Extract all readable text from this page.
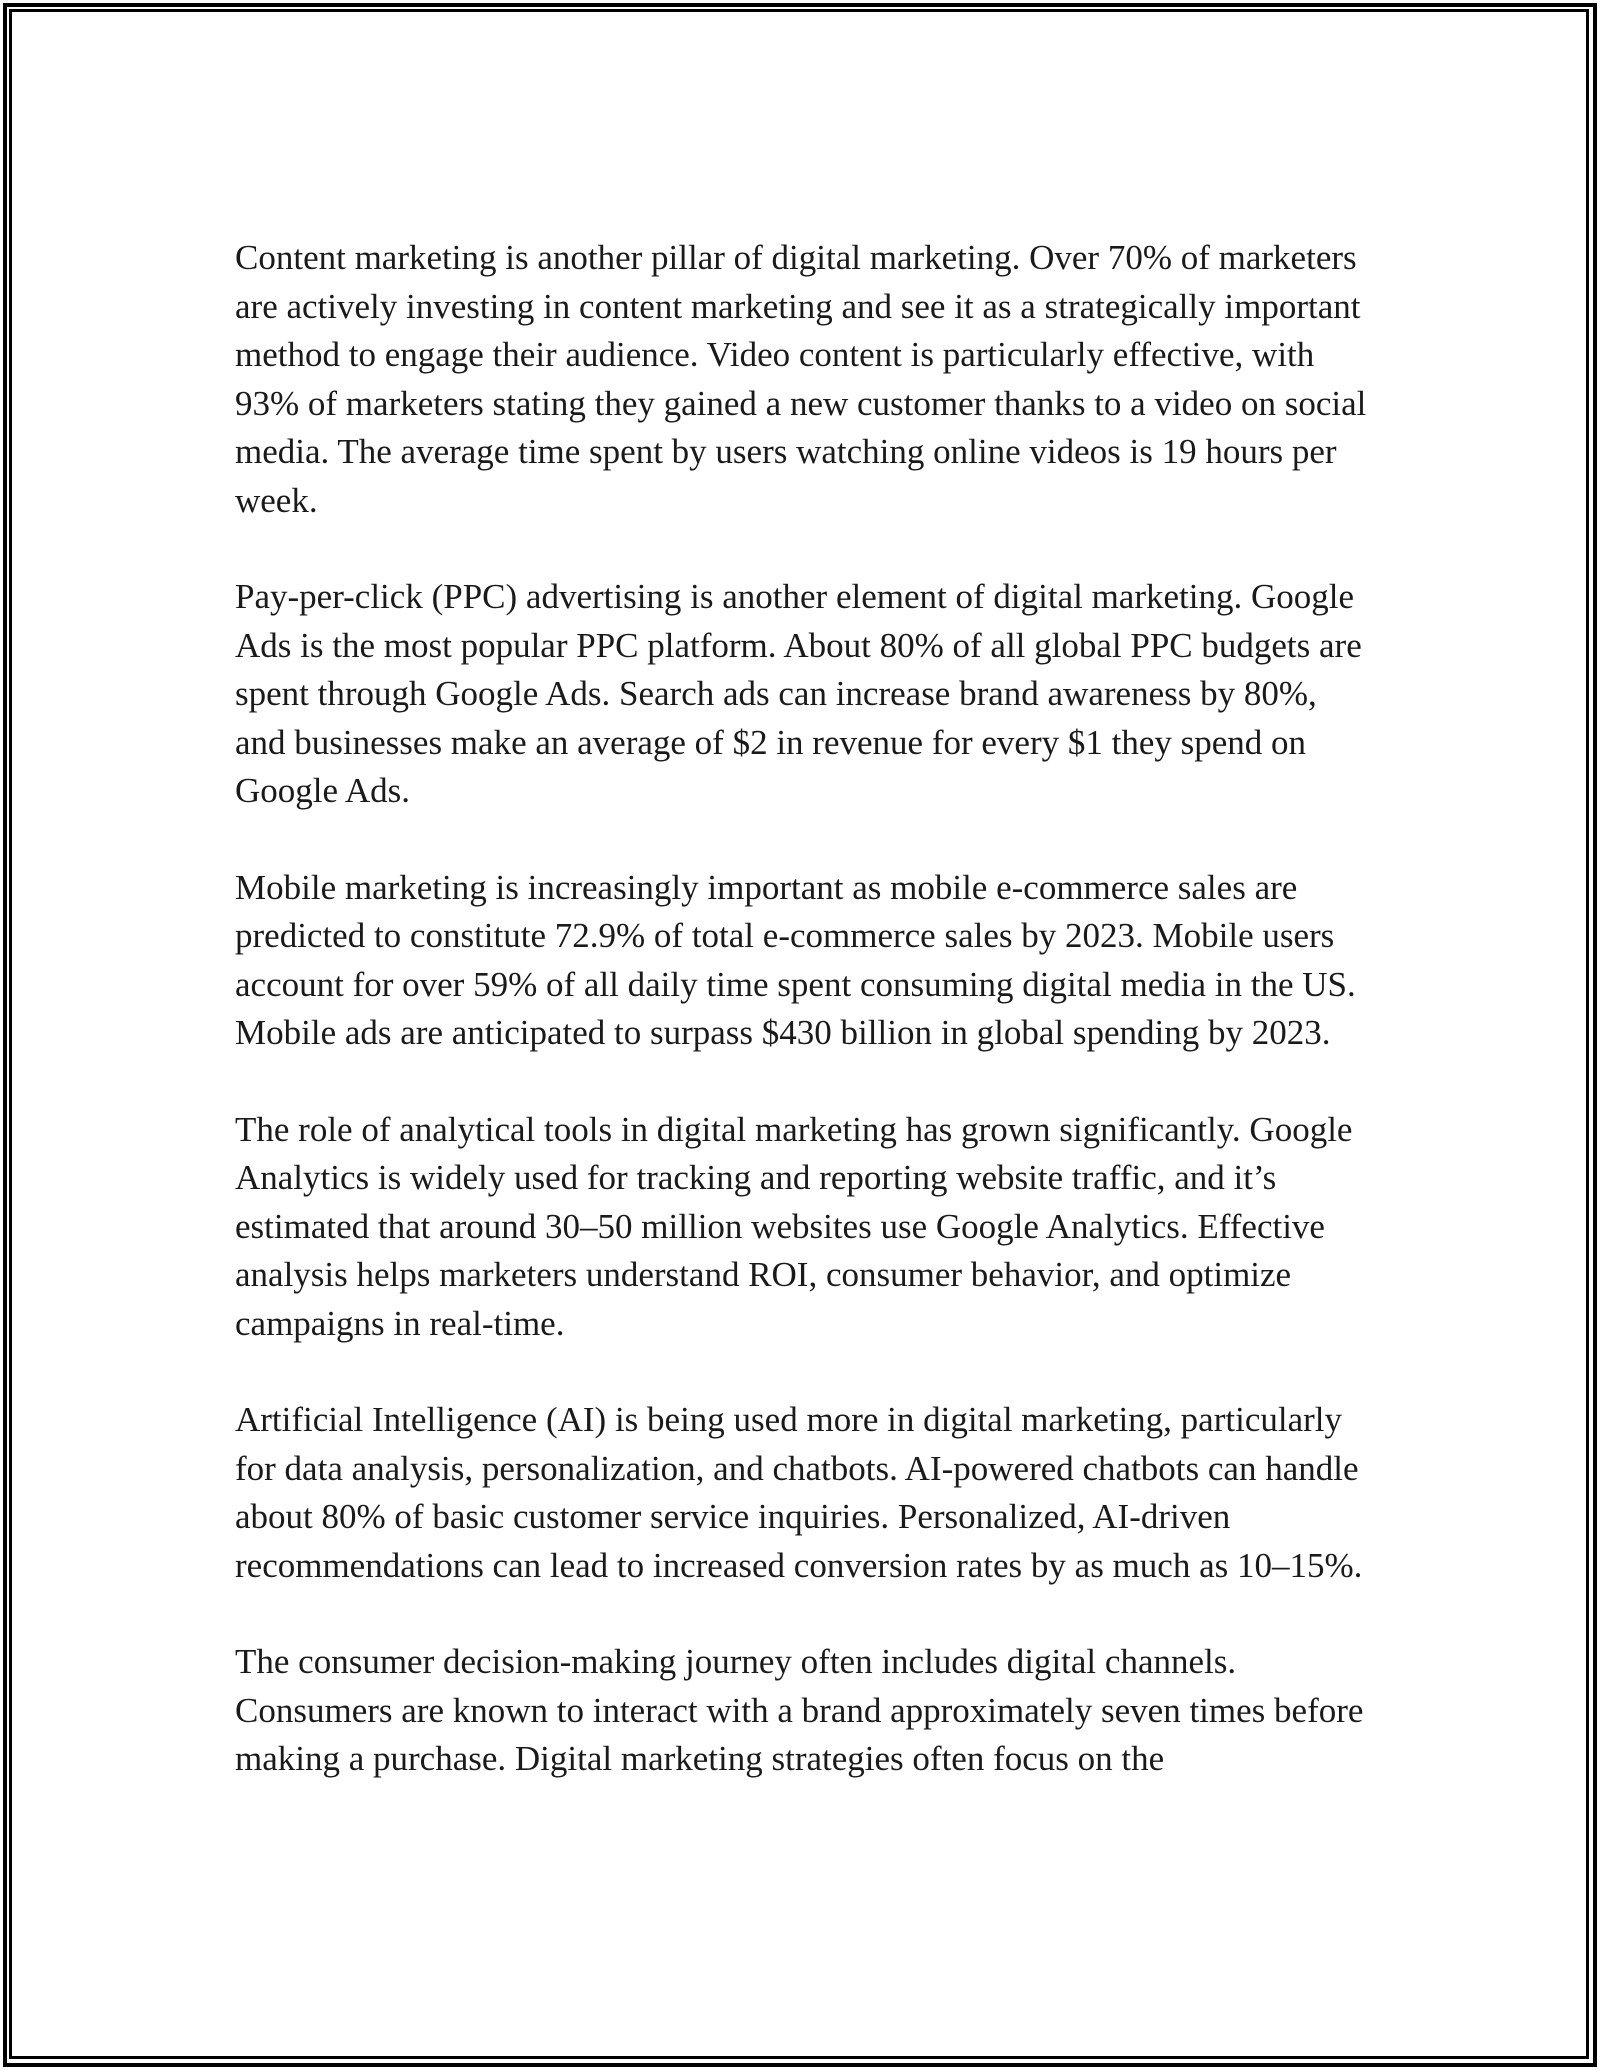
Content marketing is another pillar of digital marketing. Over 70% of marketers are actively investing in content marketing and see it as a strategically important method to engage their audience. Video content is particularly effective, with 93% of marketers stating they gained a new customer thanks to a video on social media. The average time spent by users watching online videos is 19 hours per week.

Pay-per-click (PPC) advertising is another element of digital marketing. Google Ads is the most popular PPC platform. About 80% of all global PPC budgets are spent through Google Ads. Search ads can increase brand awareness by 80%, and businesses make an average of $2 in revenue for every $1 they spend on Google Ads.

Mobile marketing is increasingly important as mobile e-commerce sales are predicted to constitute 72.9% of total e-commerce sales by 2023. Mobile users account for over 59% of all daily time spent consuming digital media in the US. Mobile ads are anticipated to surpass $430 billion in global spending by 2023.

The role of analytical tools in digital marketing has grown significantly. Google Analytics is widely used for tracking and reporting website traffic, and it’s estimated that around 30–50 million websites use Google Analytics. Effective analysis helps marketers understand ROI, consumer behavior, and optimize campaigns in real-time.

Artificial Intelligence (AI) is being used more in digital marketing, particularly for data analysis, personalization, and chatbots. AI-powered chatbots can handle about 80% of basic customer service inquiries. Personalized, AI-driven recommendations can lead to increased conversion rates by as much as 10–15%.

The consumer decision-making journey often includes digital channels. Consumers are known to interact with a brand approximately seven times before making a purchase. Digital marketing strategies often focus on the
